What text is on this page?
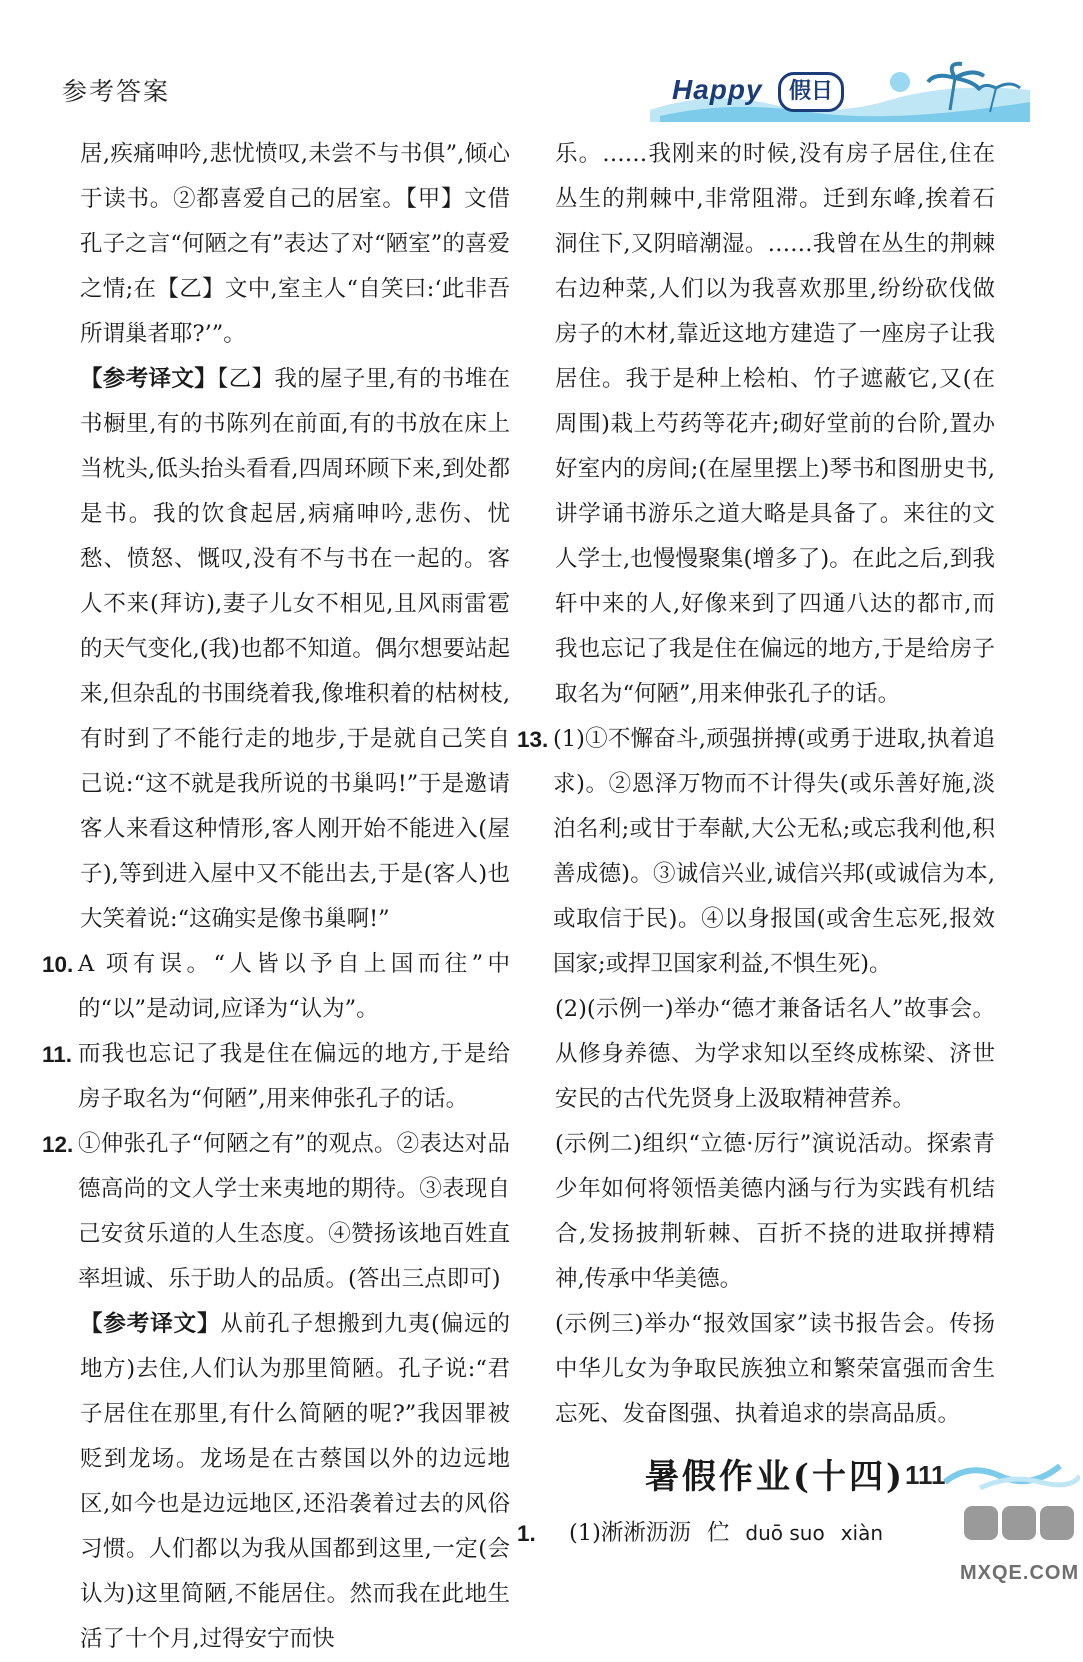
参考答案	Happy	假日

居,疾痛呻吟,悲忧愤叹,未尝不与书俱”,倾心于读书。②都喜爱自己的居室。【甲】文借孔子之言“何陋之有”表达了对“陋室”的喜爱之情;在【乙】文中,室主人“自笑曰:‘此非吾所谓巢者耶?’”。

【参考译文】【乙】我的屋子里,有的书堆在书橱里,有的书陈列在前面,有的书放在床上当枕头,低头抬头看看,四周环顾下来,到处都是书。我的饮食起居,病痛呻吟,悲伤、忧愁、愤怒、慨叹,没有不与书在一起的。客人不来(拜访),妻子儿女不相见,且风雨雷雹的天气变化,(我)也都不知道。偶尔想要站起来,但杂乱的书围绕着我,像堆积着的枯树枝,有时到了不能行走的地步,于是就自己笑自己说:“这不就是我所说的书巢吗!”于是邀请客人来看这种情形,客人刚开始不能进入(屋子),等到进入屋中又不能出去,于是(客人)也大笑着说:“这确实是像书巢啊!”

10. A 项有误。“人皆以予自上国而往”中的“以”是动词,应译为“认为”。
11. 而我也忘记了我是住在偏远的地方,于是给房子取名为“何陋”,用来伸张孔子的话。
12. ①伸张孔子“何陋之有”的观点。②表达对品德高尚的文人学士来夷地的期待。③表现自己安贫乐道的人生态度。④赞扬该地百姓直率坦诚、乐于助人的品质。(答出三点即可)

【参考译文】从前孔子想搬到九夷(偏远的地方)去住,人们认为那里简陋。孔子说:“君子居住在那里,有什么简陋的呢?”我因罪被贬到龙场。龙场是在古蔡国以外的边远地区,如今也是边远地区,还沿袭着过去的风俗习惯。人们都以为我从国都到这里,一定(会认为)这里简陋,不能居住。然而我在此地生活了十个月,过得安宁而快

乐。……我刚来的时候,没有房子居住,住在丛生的荆棘中,非常阻滞。迁到东峰,挨着石洞住下,又阴暗潮湿。……我曾在丛生的荆棘右边种菜,人们以为我喜欢那里,纷纷砍伐做房子的木材,靠近这地方建造了一座房子让我居住。我于是种上桧柏、竹子遮蔽它,又(在周围)栽上芍药等花卉;砌好堂前的台阶,置办好室内的房间;(在屋里摆上)琴书和图册史书,讲学诵书游乐之道大略是具备了。来往的文人学士,也慢慢聚集(增多了)。在此之后,到我轩中来的人,好像来到了四通八达的都市,而我也忘记了我是住在偏远的地方,于是给房子取名为“何陋”,用来伸张孔子的话。

13. (1)①不懈奋斗,顽强拼搏(或勇于进取,执着追求)。②恩泽万物而不计得失(或乐善好施,淡泊名利;或甘于奉献,大公无私;或忘我利他,积善成德)。③诚信兴业,诚信兴邦(或诚信为本,或取信于民)。④以身报国(或舍生忘死,报效国家;或捍卫国家利益,不惧生死)。

(2)(示例一)举办“德才兼备话名人”故事会。从修身养德、为学求知以至终成栋梁、济世安民的古代先贤身上汲取精神营养。

(示例二)组织“立德·厉行”演说活动。探索青少年如何将领悟美德内涵与行为实践有机结合,发扬披荆斩棘、百折不挠的进取拼搏精神,传承中华美德。

(示例三)举办“报效国家”读书报告会。传扬中华儿女为争取民族独立和繁荣富强而舍生忘死、发奋图强、执着追求的崇高品质。

暑假作业(十四)
1.	(1)淅淅沥沥 伫 duō suo xiàn
111
MXQE.COM
